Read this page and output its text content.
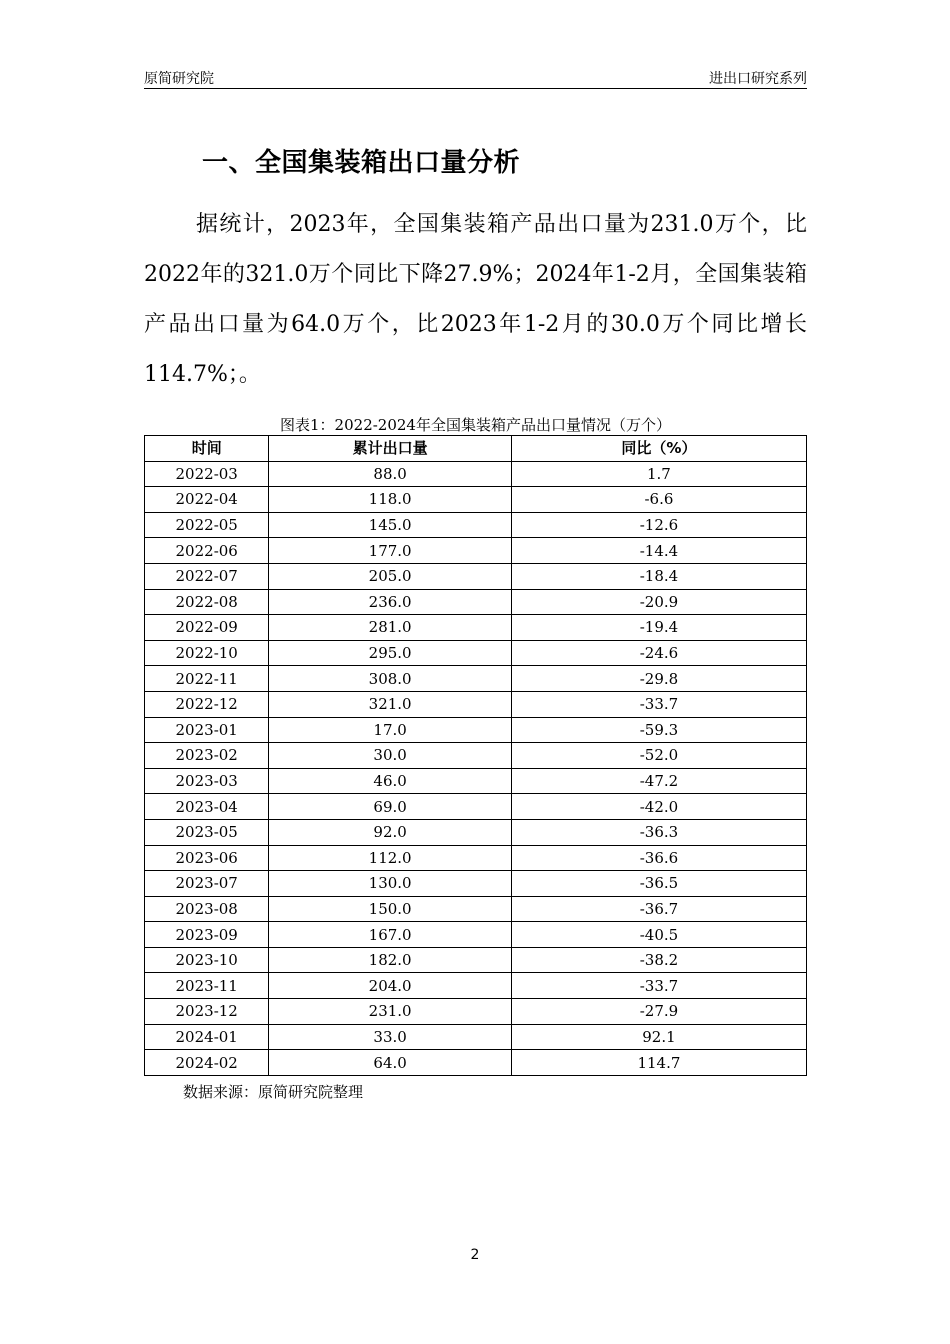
原简研究院	进出口研究系列
一、全国集装箱出口量分析

据统计，2023年，全国集装箱产品出口量为231.0万个，比2022年的321.0万个同比下降27.9%；2024年1-2月，全国集装箱产品出口量为64.0万个，比2023年1-2月的30.0万个同比增长114.7%；。

图表1：2022-2024年全国集装箱产品出口量情况（万个）
时间	累计出口量	同比（%）
2022-03	88.0	1.7
2022-04	118.0	-6.6
2022-05	145.0	-12.6
2022-06	177.0	-14.4
2022-07	205.0	-18.4
2022-08	236.0	-20.9
2022-09	281.0	-19.4
2022-10	295.0	-24.6
2022-11	308.0	-29.8
2022-12	321.0	-33.7
2023-01	17.0	-59.3
2023-02	30.0	-52.0
2023-03	46.0	-47.2
2023-04	69.0	-42.0
2023-05	92.0	-36.3
2023-06	112.0	-36.6
2023-07	130.0	-36.5
2023-08	150.0	-36.7
2023-09	167.0	-40.5
2023-10	182.0	-38.2
2023-11	204.0	-33.7
2023-12	231.0	-27.9
2024-01	33.0	92.1
2024-02	64.0	114.7
数据来源：原简研究院整理
2
